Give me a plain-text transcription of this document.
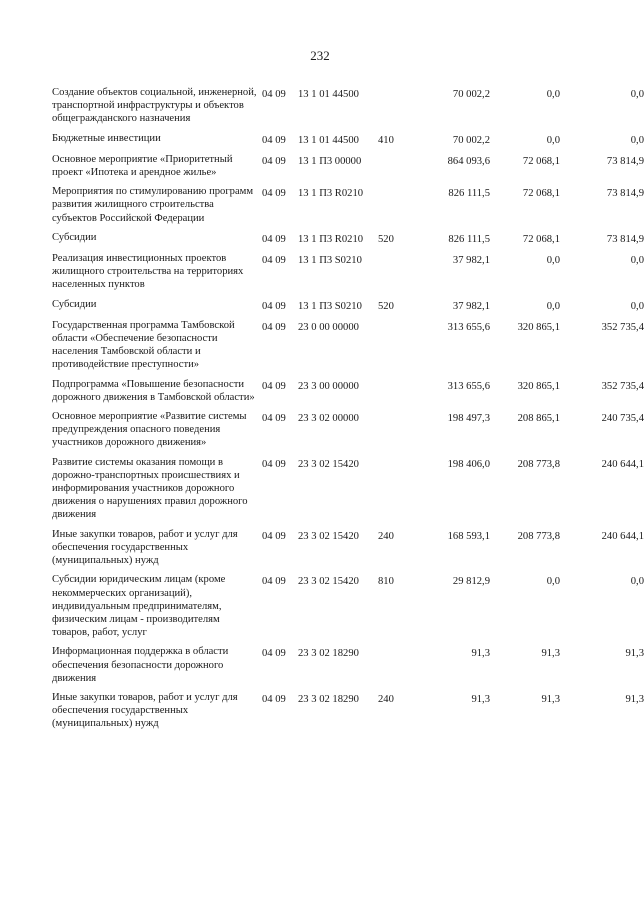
232
Создание объектов социальной, инженерной, транспортной инфраструктуры и объектов общегражданского назначения	04 09	13 1 01 44500		70 002,2	0,0	0,0
Бюджетные инвестиции	04 09	13 1 01 44500	410	70 002,2	0,0	0,0
Основное мероприятие «Приоритетный проект «Ипотека и арендное жилье»	04 09	13 1 П3 00000		864 093,6	72 068,1	73 814,9
Мероприятия по стимулированию программ развития жилищного строительства субъектов Российской Федерации	04 09	13 1 П3 R0210		826 111,5	72 068,1	73 814,9
Субсидии	04 09	13 1 П3 R0210	520	826 111,5	72 068,1	73 814,9
Реализация инвестиционных проектов жилищного строительства на территориях населенных пунктов	04 09	13 1 П3 S0210		37 982,1	0,0	0,0
Субсидии	04 09	13 1 П3 S0210	520	37 982,1	0,0	0,0
Государственная программа Тамбовской области «Обеспечение безопасности населения Тамбовской области и противодействие преступности»	04 09	23 0 00 00000		313 655,6	320 865,1	352 735,4
Подпрограмма «Повышение безопасности дорожного движения в Тамбовской области»	04 09	23 3 00 00000		313 655,6	320 865,1	352 735,4
Основное мероприятие «Развитие системы предупреждения опасного поведения участников дорожного движения»	04 09	23 3 02 00000		198 497,3	208 865,1	240 735,4
Развитие системы оказания помощи в дорожно-транспортных происшествиях и информирования участников дорожного движения о нарушениях правил дорожного движения	04 09	23 3 02 15420		198 406,0	208 773,8	240 644,1
Иные закупки товаров, работ и услуг для обеспечения государственных (муниципальных) нужд	04 09	23 3 02 15420	240	168 593,1	208 773,8	240 644,1
Субсидии юридическим лицам (кроме некоммерческих организаций), индивидуальным предпринимателям, физическим лицам - производителям товаров, работ, услуг	04 09	23 3 02 15420	810	29 812,9	0,0	0,0
Информационная поддержка в области обеспечения безопасности дорожного движения	04 09	23 3 02 18290		91,3	91,3	91,3
Иные закупки товаров, работ и услуг для обеспечения государственных (муниципальных) нужд	04 09	23 3 02 18290	240	91,3	91,3	91,3
